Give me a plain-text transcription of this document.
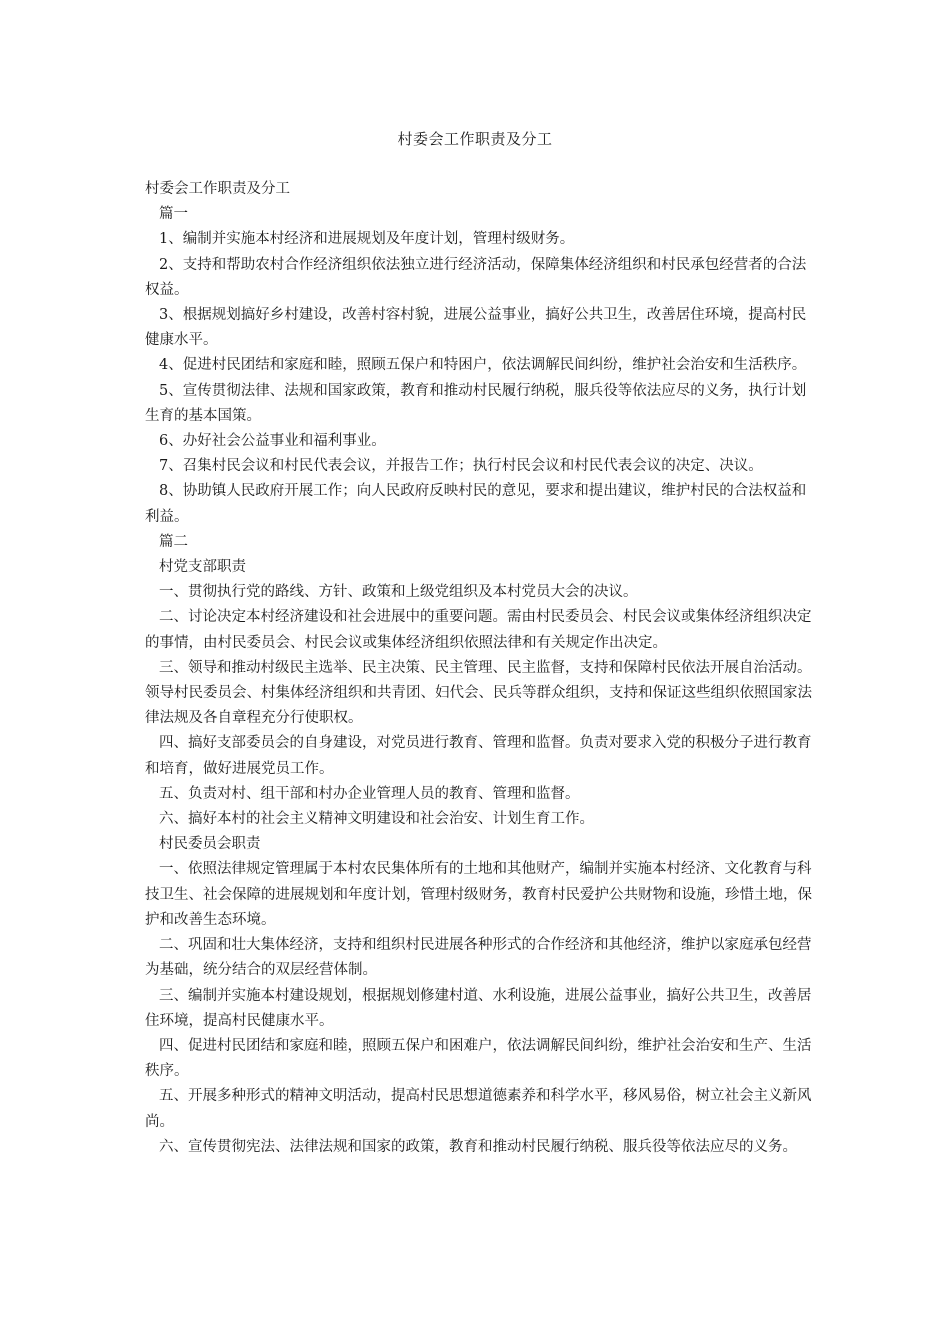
村委会工作职责及分工

村委会工作职责及分工

篇一

1、编制并实施本村经济和进展规划及年度计划，管理村级财务。

2、支持和帮助农村合作经济组织依法独立进行经济活动，保障集体经济组织和村民承包经营者的合法权益。

3、根据规划搞好乡村建设，改善村容村貌，进展公益事业，搞好公共卫生，改善居住环境，提高村民健康水平。

4、促进村民团结和家庭和睦，照顾五保户和特困户，依法调解民间纠纷，维护社会治安和生活秩序。

5、宣传贯彻法律、法规和国家政策，教育和推动村民履行纳税，服兵役等依法应尽的义务，执行计划生育的基本国策。

6、办好社会公益事业和福利事业。

7、召集村民会议和村民代表会议，并报告工作；执行村民会议和村民代表会议的决定、决议。

8、协助镇人民政府开展工作；向人民政府反映村民的意见，要求和提出建议，维护村民的合法权益和利益。

篇二

村党支部职责

一、贯彻执行党的路线、方针、政策和上级党组织及本村党员大会的决议。

二、讨论决定本村经济建设和社会进展中的重要问题。需由村民委员会、村民会议或集体经济组织决定的事情，由村民委员会、村民会议或集体经济组织依照法律和有关规定作出决定。

三、领导和推动村级民主选举、民主决策、民主管理、民主监督，支持和保障村民依法开展自治活动。领导村民委员会、村集体经济组织和共青团、妇代会、民兵等群众组织，支持和保证这些组织依照国家法律法规及各自章程充分行使职权。

四、搞好支部委员会的自身建设，对党员进行教育、管理和监督。负责对要求入党的积极分子进行教育和培育，做好进展党员工作。

五、负责对村、组干部和村办企业管理人员的教育、管理和监督。

六、搞好本村的社会主义精神文明建设和社会治安、计划生育工作。

村民委员会职责

一、依照法律规定管理属于本村农民集体所有的土地和其他财产，编制并实施本村经济、文化教育与科技卫生、社会保障的进展规划和年度计划，管理村级财务，教育村民爱护公共财物和设施，珍惜土地，保护和改善生态环境。

二、巩固和壮大集体经济，支持和组织村民进展各种形式的合作经济和其他经济，维护以家庭承包经营为基础，统分结合的双层经营体制。

三、编制并实施本村建设规划，根据规划修建村道、水利设施，进展公益事业，搞好公共卫生，改善居住环境，提高村民健康水平。

四、促进村民团结和家庭和睦，照顾五保户和困难户，依法调解民间纠纷，维护社会治安和生产、生活秩序。

五、开展多种形式的精神文明活动，提高村民思想道德素养和科学水平，移风易俗，树立社会主义新风尚。

六、宣传贯彻宪法、法律法规和国家的政策，教育和推动村民履行纳税、服兵役等依法应尽的义务。
